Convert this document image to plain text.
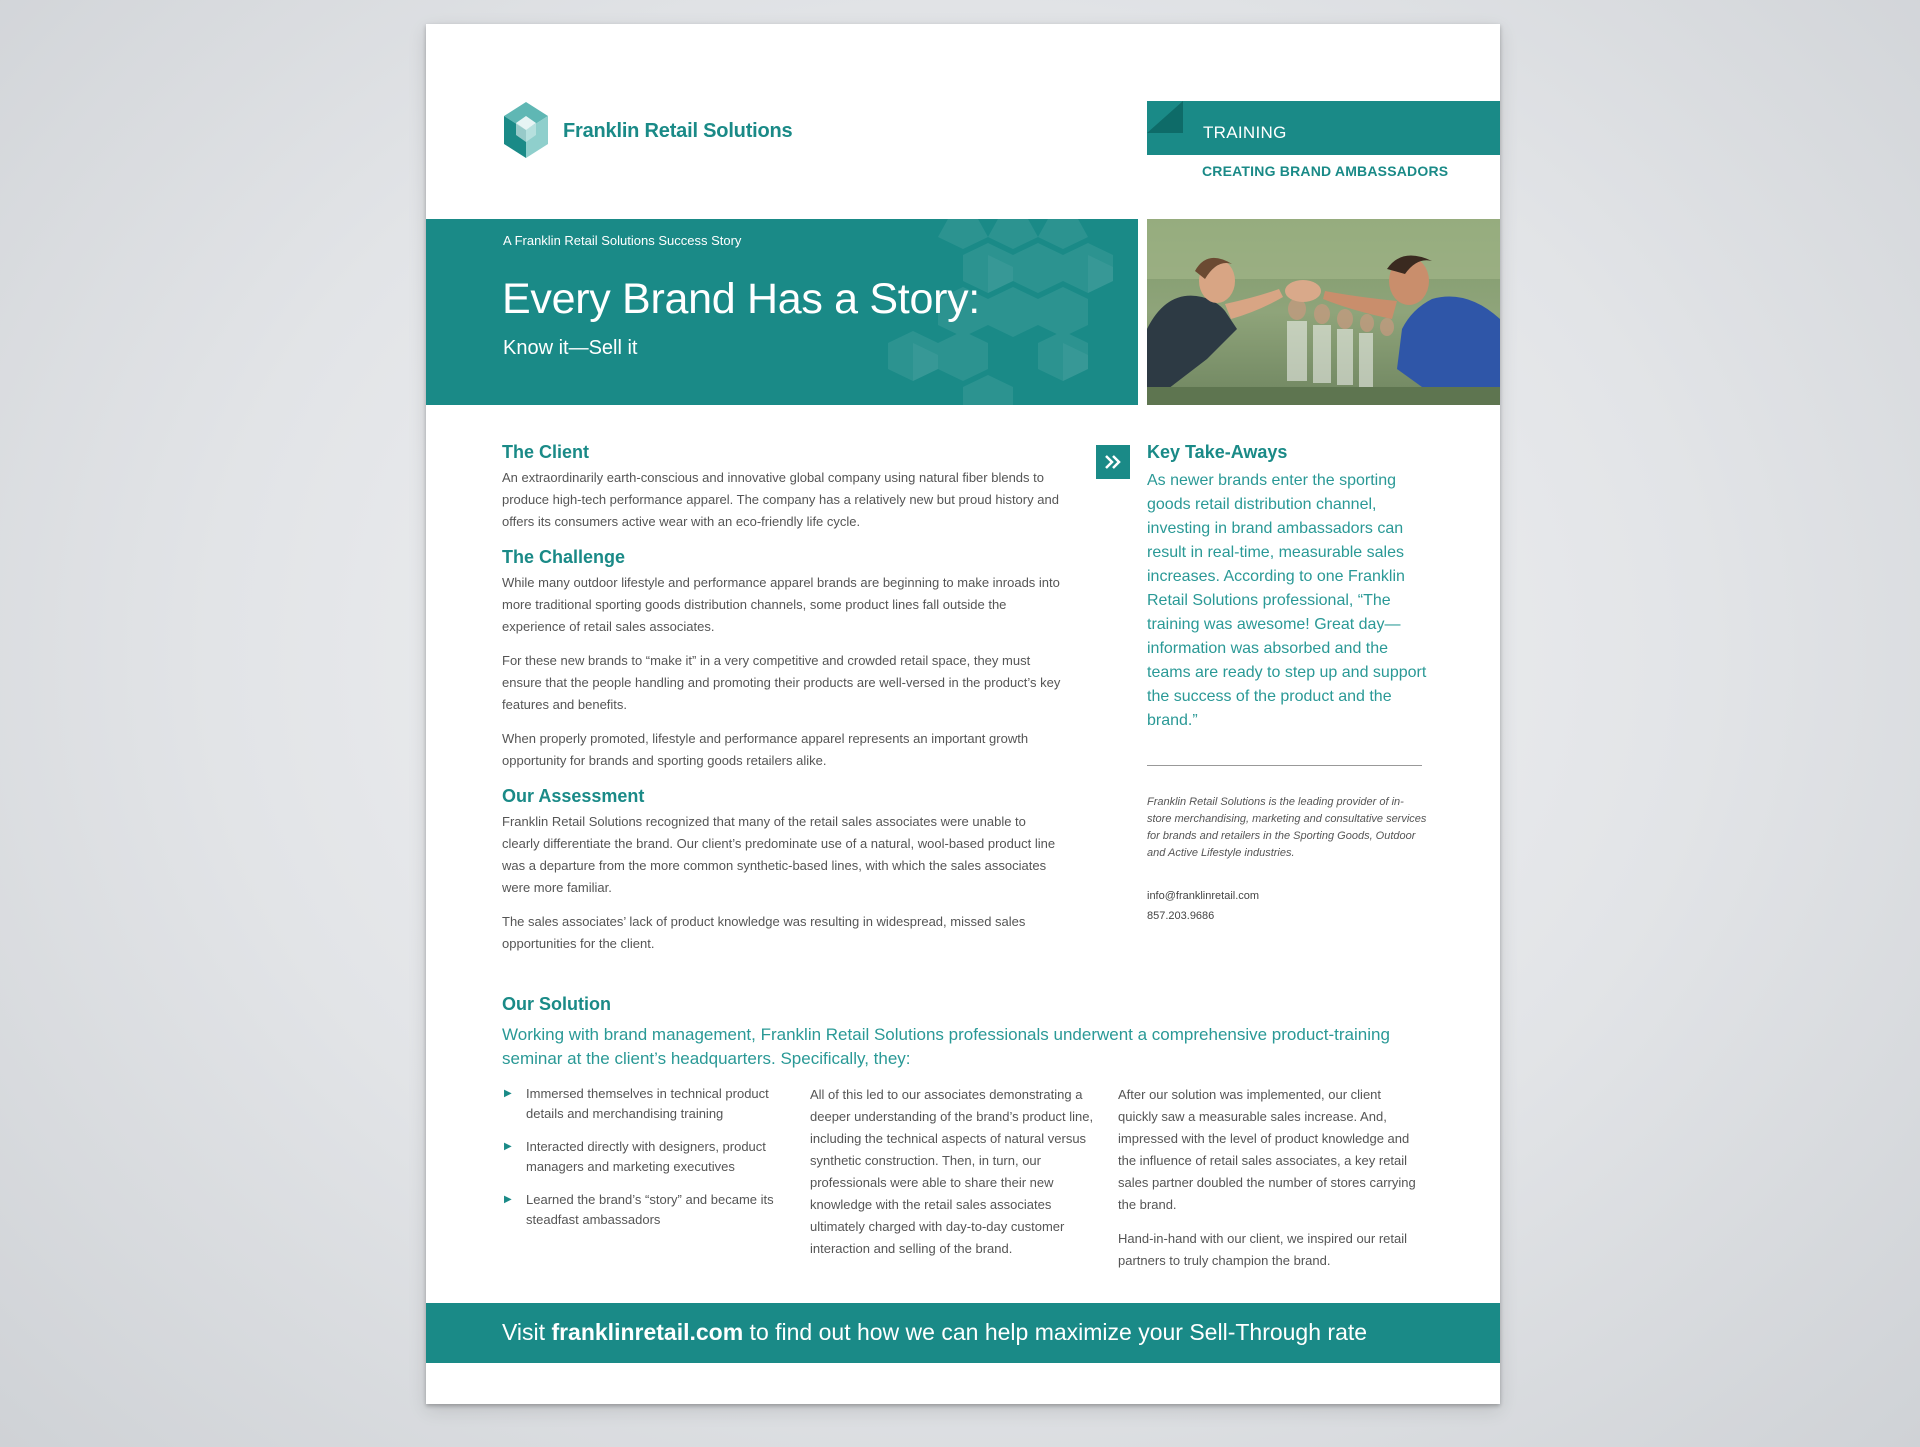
Franklin Retail Solutions	TRAINING
CREATING BRAND AMBASSADORS
A Franklin Retail Solutions Success Story
Every Brand Has a Story:
Know it—Sell it
The Client

An extraordinarily earth-conscious and innovative global company using natural fiber blends to produce high-tech performance apparel. The company has a relatively new but proud history and offers its consumers active wear with an eco-friendly life cycle.

The Challenge

While many outdoor lifestyle and performance apparel brands are beginning to make inroads into more traditional sporting goods distribution channels, some product lines fall outside the experience of retail sales associates.

For these new brands to “make it” in a very competitive and crowded retail space, they must ensure that the people handling and promoting their products are well-versed in the product’s key features and benefits.

When properly promoted, lifestyle and performance apparel represents an important growth opportunity for brands and sporting goods retailers alike.

Our Assessment

Franklin Retail Solutions recognized that many of the retail sales associates were unable to clearly differentiate the brand. Our client’s predominate use of a natural, wool-based product line was a departure from the more common synthetic-based lines, with which the sales associates were more familiar.

The sales associates’ lack of product knowledge was resulting in widespread, missed sales opportunities for the client.

Key Take-Aways

As newer brands enter the sporting goods retail distribution channel, investing in brand ambassadors can result in real-time, measurable sales increases. According to one Franklin Retail Solutions professional, “The training was awesome! Great day—information was absorbed and the teams are ready to step up and support the success of the product and the brand.”

Franklin Retail Solutions is the leading provider of in-store merchandising, marketing and consultative services for brands and retailers in the Sporting Goods, Outdoor and Active Lifestyle industries.

info@franklinretail.com
857.203.9686
Our Solution
Working with brand management, Franklin Retail Solutions professionals underwent a comprehensive product-training seminar at the client’s headquarters. Specifically, they:
▶ Immersed themselves in technical product details and merchandising training
▶ Interacted directly with designers, product managers and marketing executives
▶ Learned the brand’s “story” and became its steadfast ambassadors

All of this led to our associates demonstrating a deeper understanding of the brand’s product line, including the technical aspects of natural versus synthetic construction. Then, in turn, our professionals were able to share their new knowledge with the retail sales associates ultimately charged with day-to-day customer interaction and selling of the brand.

After our solution was implemented, our client quickly saw a measurable sales increase. And, impressed with the level of product knowledge and the influence of retail sales associates, a key retail sales partner doubled the number of stores carrying the brand.

Hand-in-hand with our client, we inspired our retail partners to truly champion the brand.

Visit franklinretail.com to find out how we can help maximize your Sell-Through rate
